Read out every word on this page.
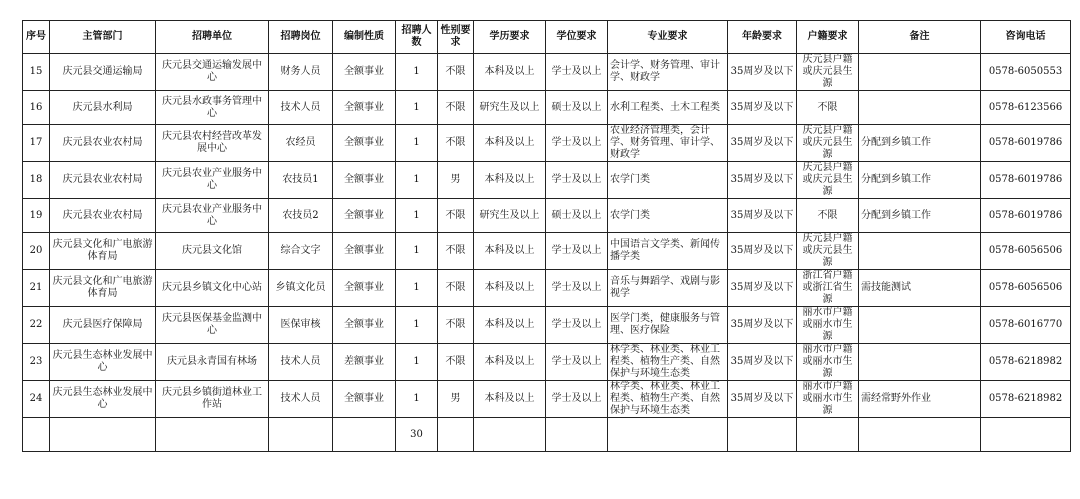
序号	主管部门	招聘单位	招聘岗位	编制性质	招聘人数	性别要求	学历要求	学位要求	专业要求	年龄要求	户籍要求	备注	咨询电话
15	庆元县交通运输局	庆元县交通运输发展中心	财务人员	全额事业	1	不限	本科及以上	学士及以上	会计学、财务管理、审计学、财政学	35周岁及以下	庆元县户籍或庆元县生源		0578-6050553
16	庆元县水利局	庆元县水政事务管理中心	技术人员	全额事业	1	不限	研究生及以上	硕士及以上	水利工程类、土木工程类	35周岁及以下	不限		0578-6123566
17	庆元县农业农村局	庆元县农村经营改革发展中心	农经员	全额事业	1	不限	本科及以上	学士及以上	农业经济管理类，会计学、财务管理、审计学、财政学	35周岁及以下	庆元县户籍或庆元县生源	分配到乡镇工作	0578-6019786
18	庆元县农业农村局	庆元县农业产业服务中心	农技员1	全额事业	1	男	本科及以上	学士及以上	农学门类	35周岁及以下	庆元县户籍或庆元县生源	分配到乡镇工作	0578-6019786
19	庆元县农业农村局	庆元县农业产业服务中心	农技员2	全额事业	1	不限	研究生及以上	硕士及以上	农学门类	35周岁及以下	不限	分配到乡镇工作	0578-6019786
20	庆元县文化和广电旅游体育局	庆元县文化馆	综合文字	全额事业	1	不限	本科及以上	学士及以上	中国语言文学类、新闻传播学类	35周岁及以下	庆元县户籍或庆元县生源		0578-6056506
21	庆元县文化和广电旅游体育局	庆元县乡镇文化中心站	乡镇文化员	全额事业	1	不限	本科及以上	学士及以上	音乐与舞蹈学、戏剧与影视学	35周岁及以下	浙江省户籍或浙江省生源	需技能测试	0578-6056506
22	庆元县医疗保障局	庆元县医保基金监测中心	医保审核	全额事业	1	不限	本科及以上	学士及以上	医学门类，健康服务与管理、医疗保险	35周岁及以下	丽水市户籍或丽水市生源		0578-6016770
23	庆元县生态林业发展中心	庆元县永青国有林场	技术人员	差额事业	1	不限	本科及以上	学士及以上	林学类、林业类、林业工程类、植物生产类、自然保护与环境生态类	35周岁及以下	丽水市户籍或丽水市生源		0578-6218982
24	庆元县生态林业发展中心	庆元县乡镇街道林业工作站	技术人员	全额事业	1	男	本科及以上	学士及以上	林学类、林业类、林业工程类、植物生产类、自然保护与环境生态类	35周岁及以下	丽水市户籍或丽水市生源	需经常野外作业	0578-6218982
					30								
